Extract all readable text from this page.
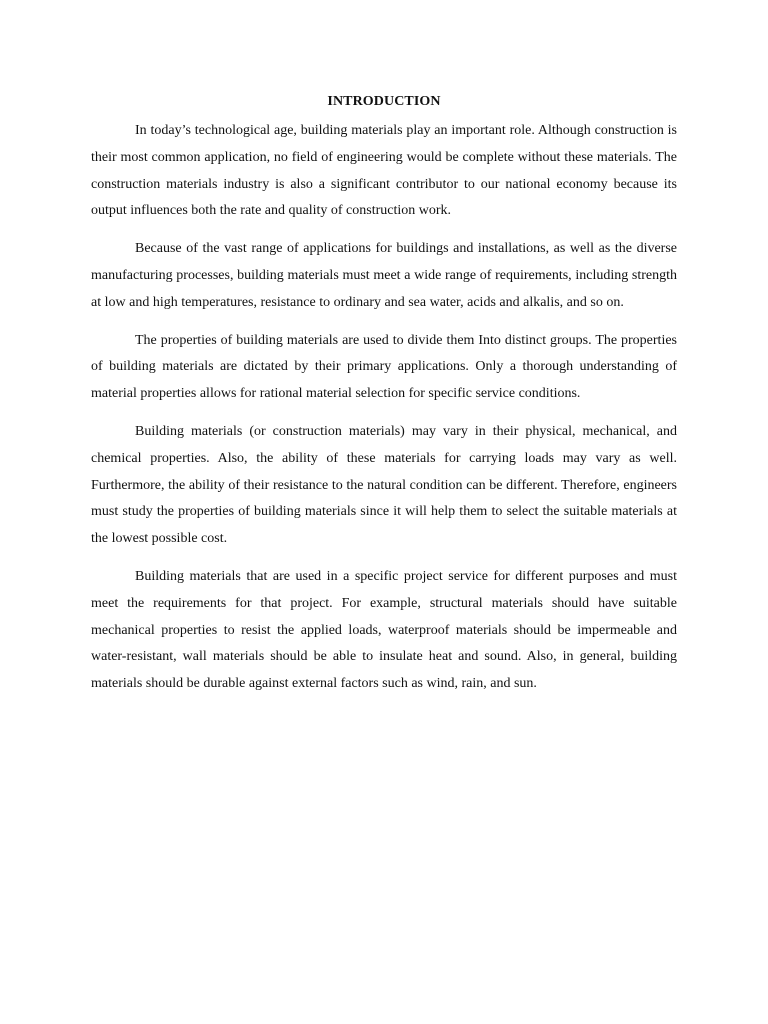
INTRODUCTION

In today’s technological age, building materials play an important role. Although construction is their most common application, no field of engineering would be complete without these materials. The construction materials industry is also a significant contributor to our national economy because its output influences both the rate and quality of construction work.

Because of the vast range of applications for buildings and installations, as well as the diverse manufacturing processes, building materials must meet a wide range of requirements, including strength at low and high temperatures, resistance to ordinary and sea water, acids and alkalis, and so on.

The properties of building materials are used to divide them Into distinct groups. The properties of building materials are dictated by their primary applications. Only a thorough understanding of material properties allows for rational material selection for specific service conditions.

Building materials (or construction materials) may vary in their physical, mechanical, and chemical properties. Also, the ability of these materials for carrying loads may vary as well. Furthermore, the ability of their resistance to the natural condition can be different. Therefore, engineers must study the properties of building materials since it will help them to select the suitable materials at the lowest possible cost.

Building materials that are used in a specific project service for different purposes and must meet the requirements for that project. For example, structural materials should have suitable mechanical properties to resist the applied loads, waterproof materials should be impermeable and water-resistant, wall materials should be able to insulate heat and sound. Also, in general, building materials should be durable against external factors such as wind, rain, and sun.
